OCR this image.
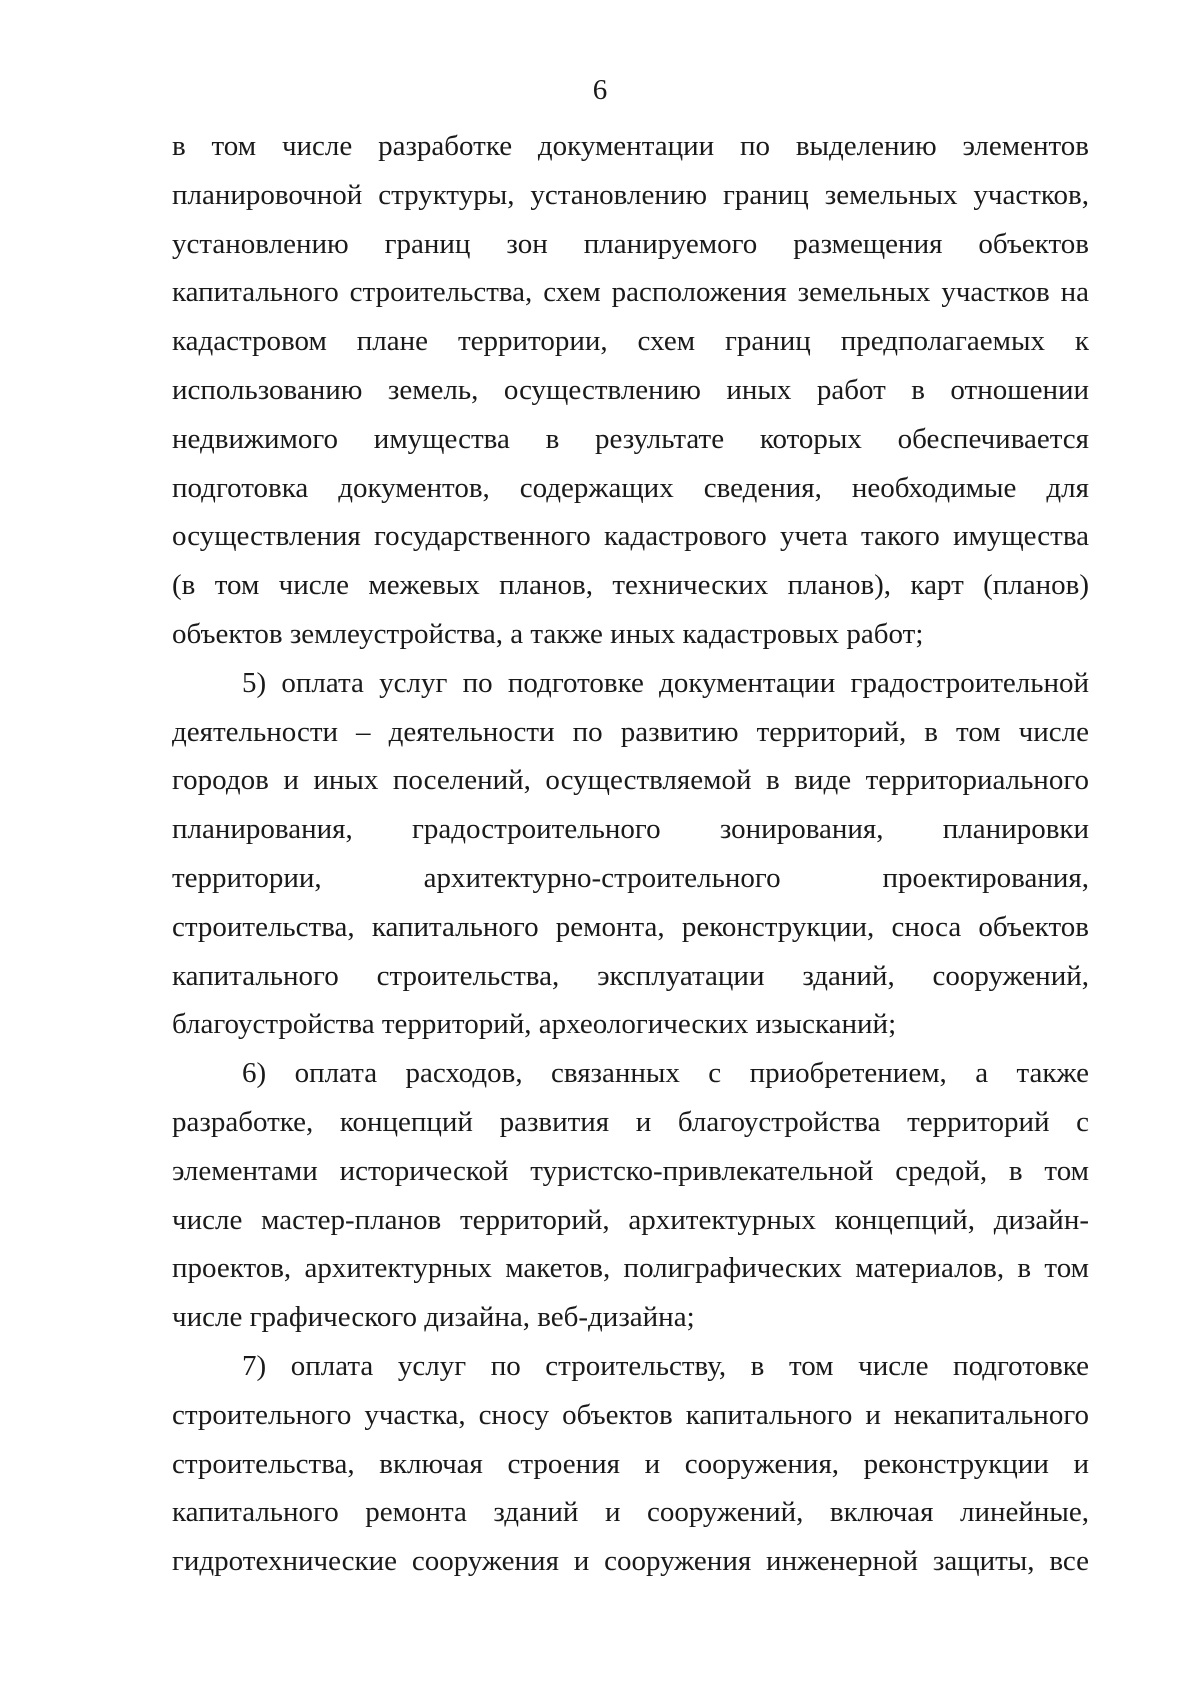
6

в том числе разработке документации по выделению элементов планировочной структуры, установлению границ земельных участков, установлению границ зон планируемого размещения объектов капитального строительства, схем расположения земельных участков на кадастровом плане территории, схем границ предполагаемых к использованию земель, осуществлению иных работ в отношении недвижимого имущества в результате которых обеспечивается подготовка документов, содержащих сведения, необходимые для осуществления государственного кадастрового учета такого имущества (в том числе межевых планов, технических планов), карт (планов) объектов землеустройства, а также иных кадастровых работ;

5) оплата услуг по подготовке документации градостроительной деятельности – деятельности по развитию территорий, в том числе городов и иных поселений, осуществляемой в виде территориального планирования, градостроительного зонирования, планировки территории, архитектурно-строительного проектирования, строительства, капитального ремонта, реконструкции, сноса объектов капитального строительства, эксплуатации зданий, сооружений, благоустройства территорий, археологических изысканий;

6) оплата расходов, связанных с приобретением, а также разработке, концепций развития и благоустройства территорий с элементами исторической туристско-привлекательной средой, в том числе мастер-планов территорий, архитектурных концепций, дизайн-проектов, архитектурных макетов, полиграфических материалов, в том числе графического дизайна, веб-дизайна;

7) оплата услуг по строительству, в том числе подготовке строительного участка, сносу объектов капитального и некапитального строительства, включая строения и сооружения, реконструкции и капитального ремонта зданий и сооружений, включая линейные, гидротехнические сооружения и сооружения инженерной защиты, все
